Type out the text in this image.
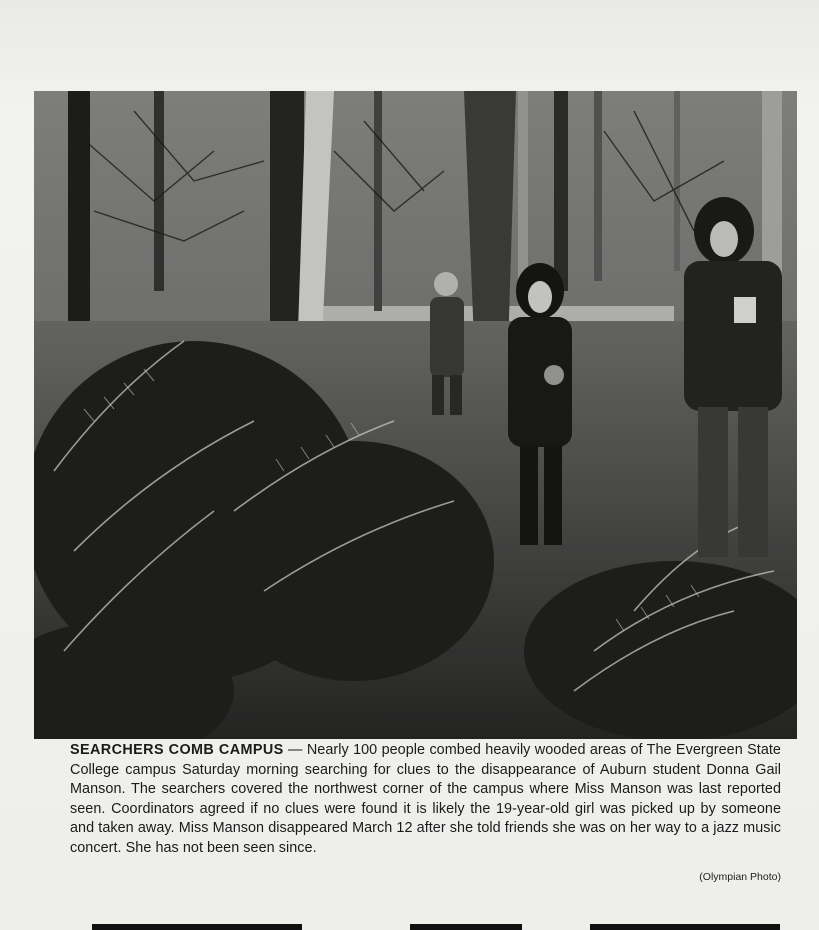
SEARCHERS COMB CAMPUS — Nearly 100 people combed heavily wooded areas of The Evergreen State College campus Saturday morning searching for clues to the disappearance of Auburn student Donna Gail Manson. The searchers covered the northwest corner of the campus where Miss Manson was last reported seen. Coordinators agreed if no clues were found it is likely the 19-year-old girl was picked up by someone and taken away. Miss Manson disappeared March 12 after she told friends she was on her way to a jazz music concert. She has not been seen since.
(Olympian Photo)
